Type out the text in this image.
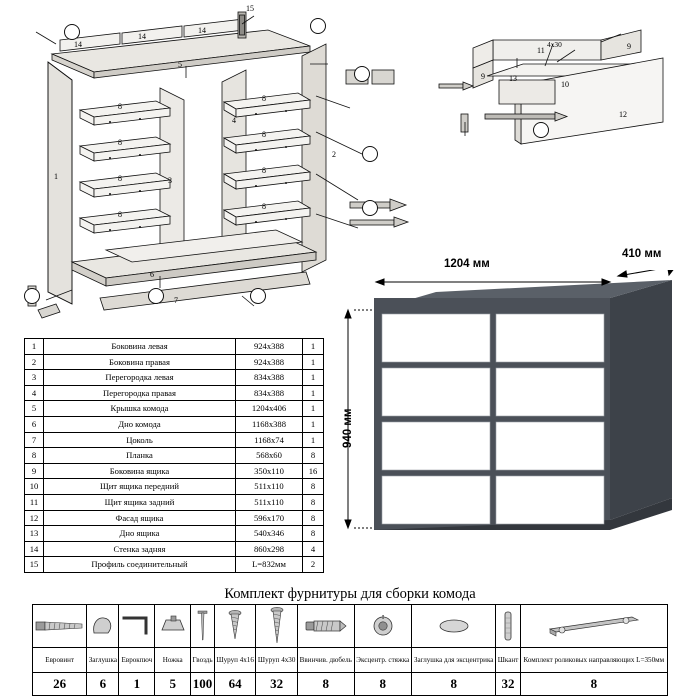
15
14
14
14
5
8
8
8
8
8
8
8
8
1	3
2
4
6
7
11
9	13
10
9
12
4х30
1	Боковина левая	924x388	1
2	Боковина правая	924x388	1
3	Перегородка левая	834x388	1
4	Перегородка правая	834x388	1
5	Крышка комода	1204x406	1
6	Дно комода	1168x388	1
7	Цоколь	1168x74	1
8	Планка	568x60	8
9	Боковина ящика	350x110	16
10	Щит ящика передний	511x110	8
11	Щит ящика задний	511x110	8
12	Фасад ящика	596x170	8
13	Дно ящика	540x346	8
14	Стенка задняя	860x298	4
15	Профиль соединительный	L=832мм	2
1204 мм
410 мм
940 мм
Комплект фурнитуры для сборки комода

Евровинт	Заглушка	Еврокпюч	Ножка	Гвоздь	Шуруп 4х16	Шуруп 4х30	Ввинчив. дюбель	Эксцентр. стяжка	Заглушка для эксцентрика	Шкант	Комплект роликовых направляющих L=350мм
26	6	1	5	100	64	32	8	8	8	32	8
